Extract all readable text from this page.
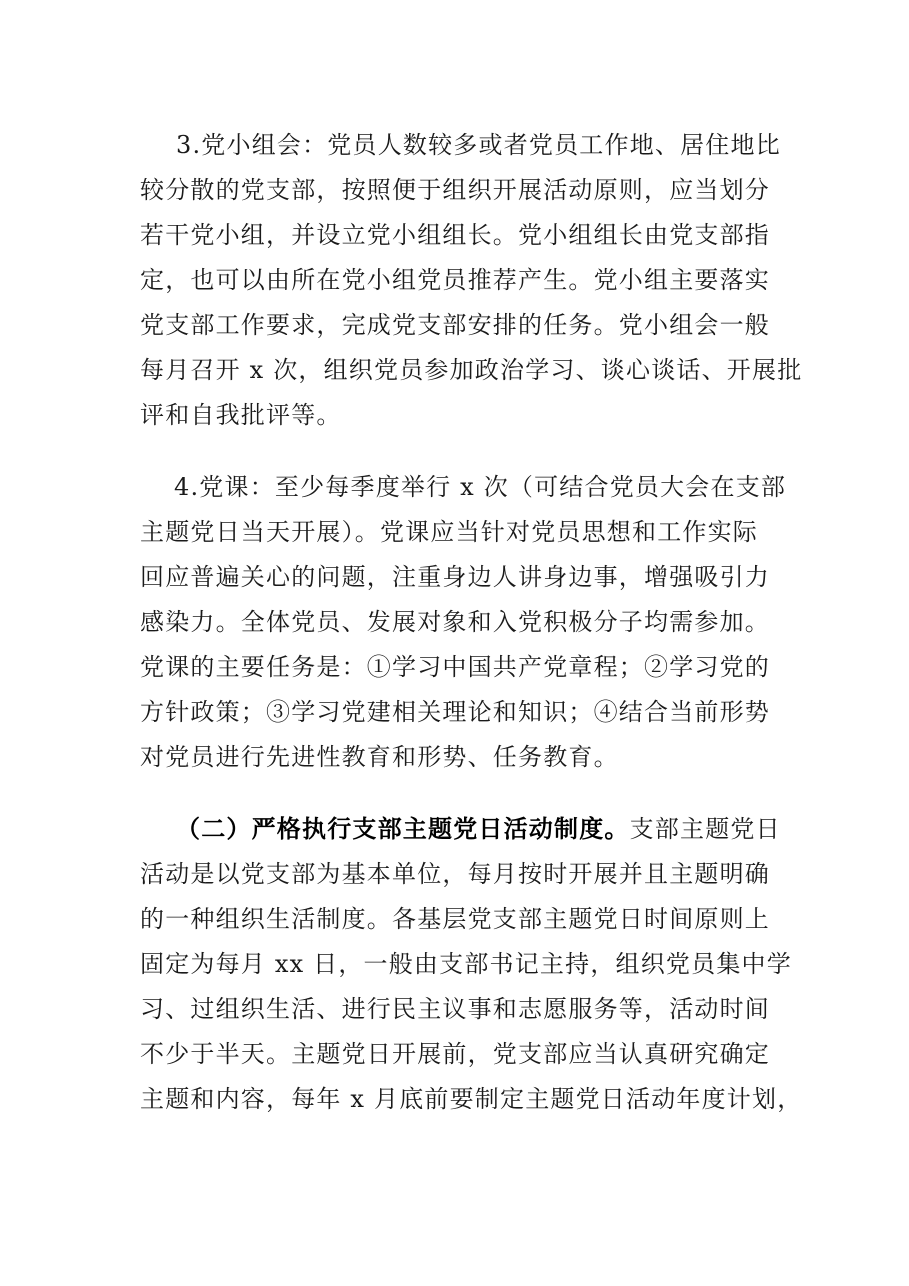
3.党小组会：党员人数较多或者党员工作地、居住地比
较分散的党支部，按照便于组织开展活动原则，应当划分
若干党小组，并设立党小组组长。党小组组长由党支部指
定，也可以由所在党小组党员推荐产生。党小组主要落实
党支部工作要求，完成党支部安排的任务。党小组会一般
每月召开 x 次，组织党员参加政治学习、谈心谈话、开展批
评和自我批评等。
4.党课：至少每季度举行 x 次（可结合党员大会在支部
主题党日当天开展）。党课应当针对党员思想和工作实际
回应普遍关心的问题，注重身边人讲身边事，增强吸引力
感染力。全体党员、发展对象和入党积极分子均需参加。
党课的主要任务是：①学习中国共产党章程；②学习党的
方针政策；③学习党建相关理论和知识；④结合当前形势
对党员进行先进性教育和形势、任务教育。
（二）严格执行支部主题党日活动制度。支部主题党日
活动是以党支部为基本单位，每月按时开展并且主题明确
的一种组织生活制度。各基层党支部主题党日时间原则上
固定为每月 xx 日，一般由支部书记主持，组织党员集中学
习、过组织生活、进行民主议事和志愿服务等，活动时间
不少于半天。主题党日开展前，党支部应当认真研究确定
主题和内容，每年 x 月底前要制定主题党日活动年度计划，
